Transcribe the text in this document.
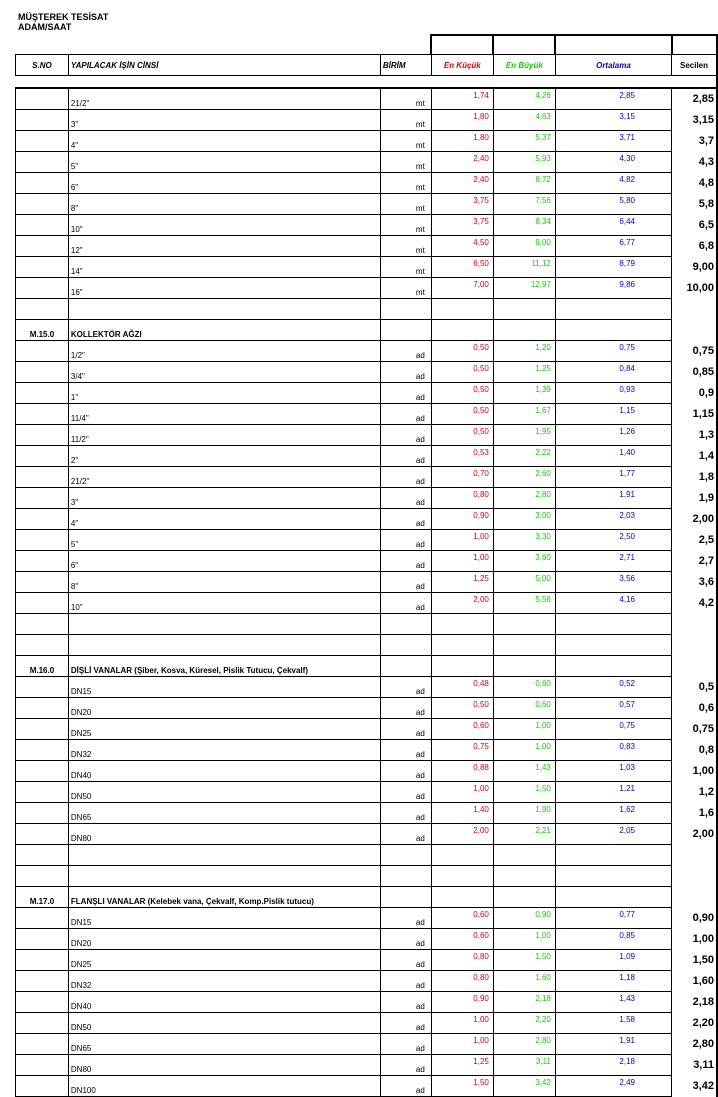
MÜŞTEREK TESİSAT
ADAM/SAAT

S.NO	YAPILACAK İŞİN CİNSİ	BİRİM	En Küçük	En Büyük	Ortalama	Secilen

	21/2"	mt	1,74	4,26	2,85	2,85
	3"	mt	1,80	4,63	3,15	3,15
	4"	mt	1,80	5,37	3,71	3,7
	5"	mt	2,40	5,93	4,30	4,3
	6"	mt	2,40	6,72	4,82	4,8
	8"	mt	3,75	7,56	5,80	5,8
	10"	mt	3,75	8,34	6,44	6,5
	12"	mt	4,50	9,00	6,77	6,8
	14"	mt	6,50	11,12	8,79	9,00
	16"	mt	7,00	12,97	9,86	10,00

M.15.0	KOLLEKTÖR AĞZI					
	1/2"	ad	0,50	1,20	0,75	0,75
	3/4"	ad	0,50	1,25	0,84	0,85
	1"	ad	0,50	1,39	0,93	0,9
	11/4"	ad	0,50	1,67	1,15	1,15
	11/2"	ad	0,50	1,95	1,26	1,3
	2"	ad	0,53	2,22	1,40	1,4
	21/2"	ad	0,70	2,60	1,77	1,8
	3"	ad	0,80	2,80	1,91	1,9
	4"	ad	0,90	3,00	2,03	2,00
	5"	ad	1,00	3,30	2,50	2,5
	6"	ad	1,00	3,60	2,71	2,7
	8"	ad	1,25	5,00	3,56	3,6
	10"	ad	2,00	5,56	4,16	4,2

M.16.0	DİŞLİ VANALAR (Şiber, Kosva, Küresel, Pislik Tutucu, Çekvalf)					
	DN15	ad	0,48	0,60	0,52	0,5
	DN20	ad	0,50	0,60	0,57	0,6
	DN25	ad	0,60	1,00	0,75	0,75
	DN32	ad	0,75	1,00	0,83	0,8
	DN40	ad	0,88	1,43	1,03	1,00
	DN50	ad	1,00	1,50	1,21	1,2
	DN65	ad	1,40	1,90	1,62	1,6
	DN80	ad	2,00	2,21	2,05	2,00

M.17.0	FLANŞLI VANALAR (Kelebek vana, Çekvalf, Komp.Pislik tutucu)					
	DN15	ad	0,60	0,90	0,77	0,90
	DN20	ad	0,60	1,00	0,85	1,00
	DN25	ad	0,80	1,50	1,09	1,50
	DN32	ad	0,80	1,60	1,18	1,60
	DN40	ad	0,90	2,18	1,43	2,18
	DN50	ad	1,00	2,20	1,58	2,20
	DN65	ad	1,00	2,80	1,91	2,80
	DN80	ad	1,25	3,11	2,18	3,11
	DN100	ad	1,50	3,42	2,49	3,42
